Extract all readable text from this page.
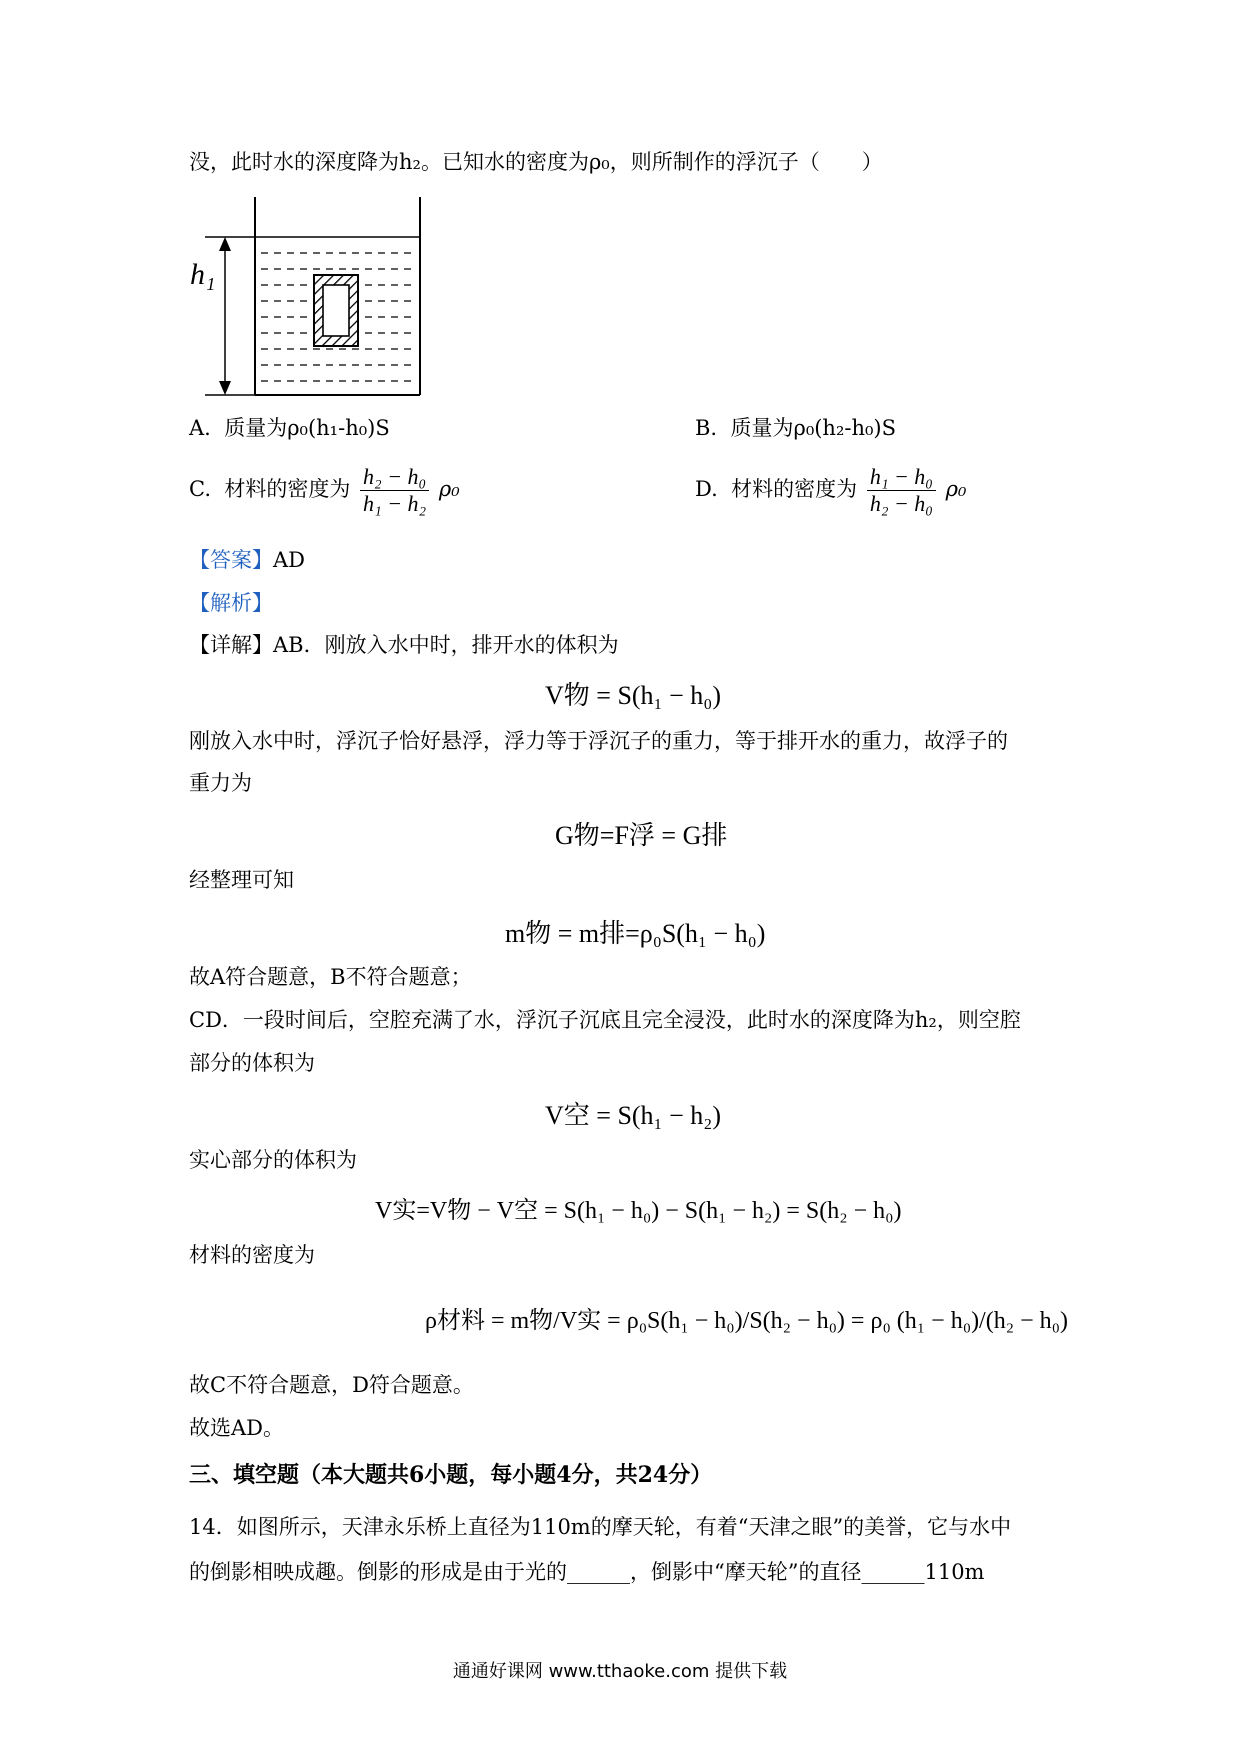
没，此时水的深度降为h₂。已知水的密度为ρ₀，则所制作的浮沉子（　　）
h₁
A. 质量为ρ₀(h₁-h₀)S	B. 质量为ρ₀(h₂-h₀)S
C. 材料的密度为 $\frac{\text{h₂ − h₀}}{\text{h₁ − h₂}} \rho_0$	D. 材料的密度为 $\frac{\text{h₁ − h₀}}{\text{h₂ − h₀}} \rho_0$
【答案】AD
【解析】
【详解】AB．刚放入水中时，排开水的体积为
V物 = S(h₁ − h₀)
刚放入水中时，浮沉子恰好悬浮，浮力等于浮沉子的重力，等于排开水的重力，故浮子的
重力为
G物=F浮 = G排
经整理可知
m物 = m排=ρ₀S(h₁ − h₀)
故A符合题意，B不符合题意；
CD．一段时间后，空腔充满了水，浮沉子沉底且完全浸没，此时水的深度降为h₂，则空腔
部分的体积为
V空 = S(h₁ − h₂)
实心部分的体积为
V实=V物 − V空 = S(h₁ − h₀) − S(h₁ − h₂) = S(h₂ − h₀)
材料的密度为
ρ材料 = m物/V实 = ρ₀S(h₁ − h₀)/S(h₂ − h₀) = ρ₀ (h₁ − h₀)/(h₂ − h₀)
故C不符合题意，D符合题意。
故选AD。
三、填空题（本大题共6小题，每小题4分，共24分）
14．如图所示，天津永乐桥上直径为110m的摩天轮，有着“天津之眼”的美誉，它与水中
的倒影相映成趣。倒影的形成是由于光的______，倒影中“摩天轮”的直径______110m
通通好课网 www.tthaoke.com 提供下载
